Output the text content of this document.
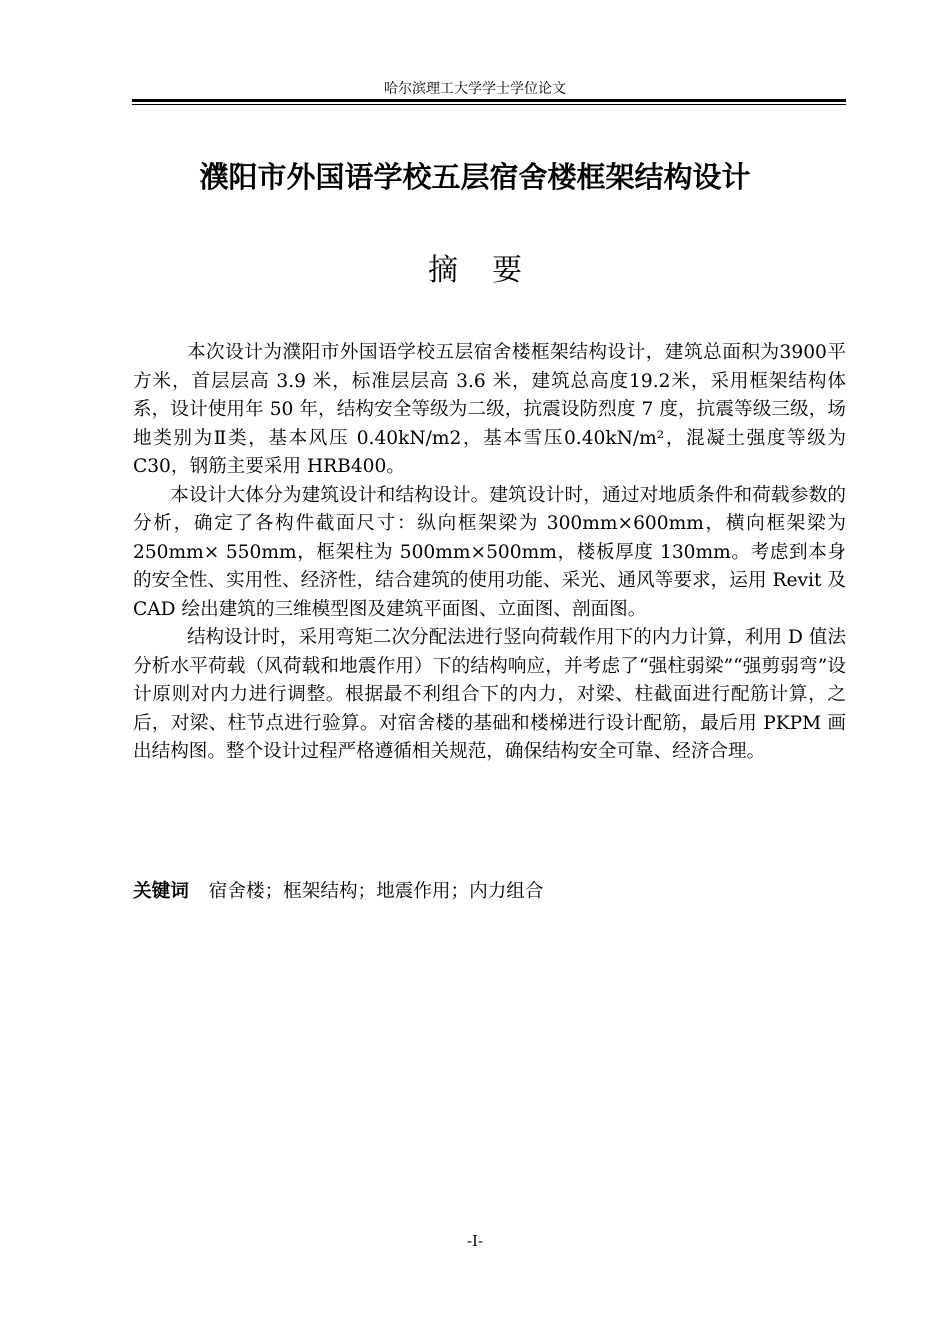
哈尔滨理工大学学士学位论文
濮阳市外国语学校五层宿舍楼框架结构设计
摘要

本次设计为濮阳市外国语学校五层宿舍楼框架结构设计，建筑总面积为3900平方米，首层层高 3.9 米，标准层层高 3.6 米，建筑总高度19.2米，采用框架结构体系，设计使用年 50 年，结构安全等级为二级，抗震设防烈度 7 度，抗震等级三级，场地类别为Ⅱ类，基本风压 0.40kN/m2，基本雪压0.40kN/m²，混凝土强度等级为 C30，钢筋主要采用 HRB400。

本设计大体分为建筑设计和结构设计。建筑设计时，通过对地质条件和荷载参数的分析，确定了各构件截面尺寸：纵向框架梁为 300mm×600mm，横向框架梁为 250mm× 550mm，框架柱为 500mm×500mm，楼板厚度 130mm。考虑到本身的安全性、实用性、经济性，结合建筑的使用功能、采光、通风等要求，运用 Revit 及 CAD 绘出建筑的三维模型图及建筑平面图、立面图、剖面图。

结构设计时，采用弯矩二次分配法进行竖向荷载作用下的内力计算，利用 D 值法分析水平荷载（风荷载和地震作用）下的结构响应，并考虑了“强柱弱梁”“强剪弱弯”设计原则对内力进行调整。根据最不利组合下的内力，对梁、柱截面进行配筋计算，之后，对梁、柱节点进行验算。对宿舍楼的基础和楼梯进行设计配筋，最后用 PKPM 画出结构图。整个设计过程严格遵循相关规范，确保结构安全可靠、经济合理。

关键词 宿舍楼；框架结构；地震作用；内力组合
-I-
